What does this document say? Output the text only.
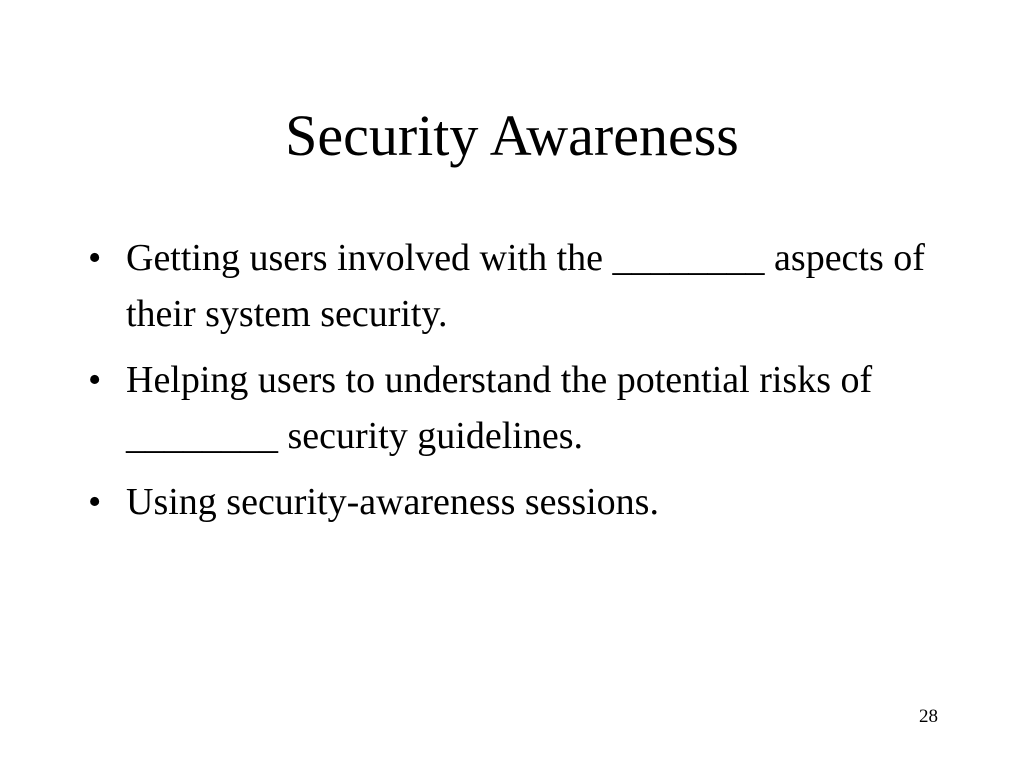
Security Awareness
• Getting users involved with the ________ aspects of their system security.
• Helping users to understand the potential risks of ________ security guidelines.
• Using security-awareness sessions.
28
